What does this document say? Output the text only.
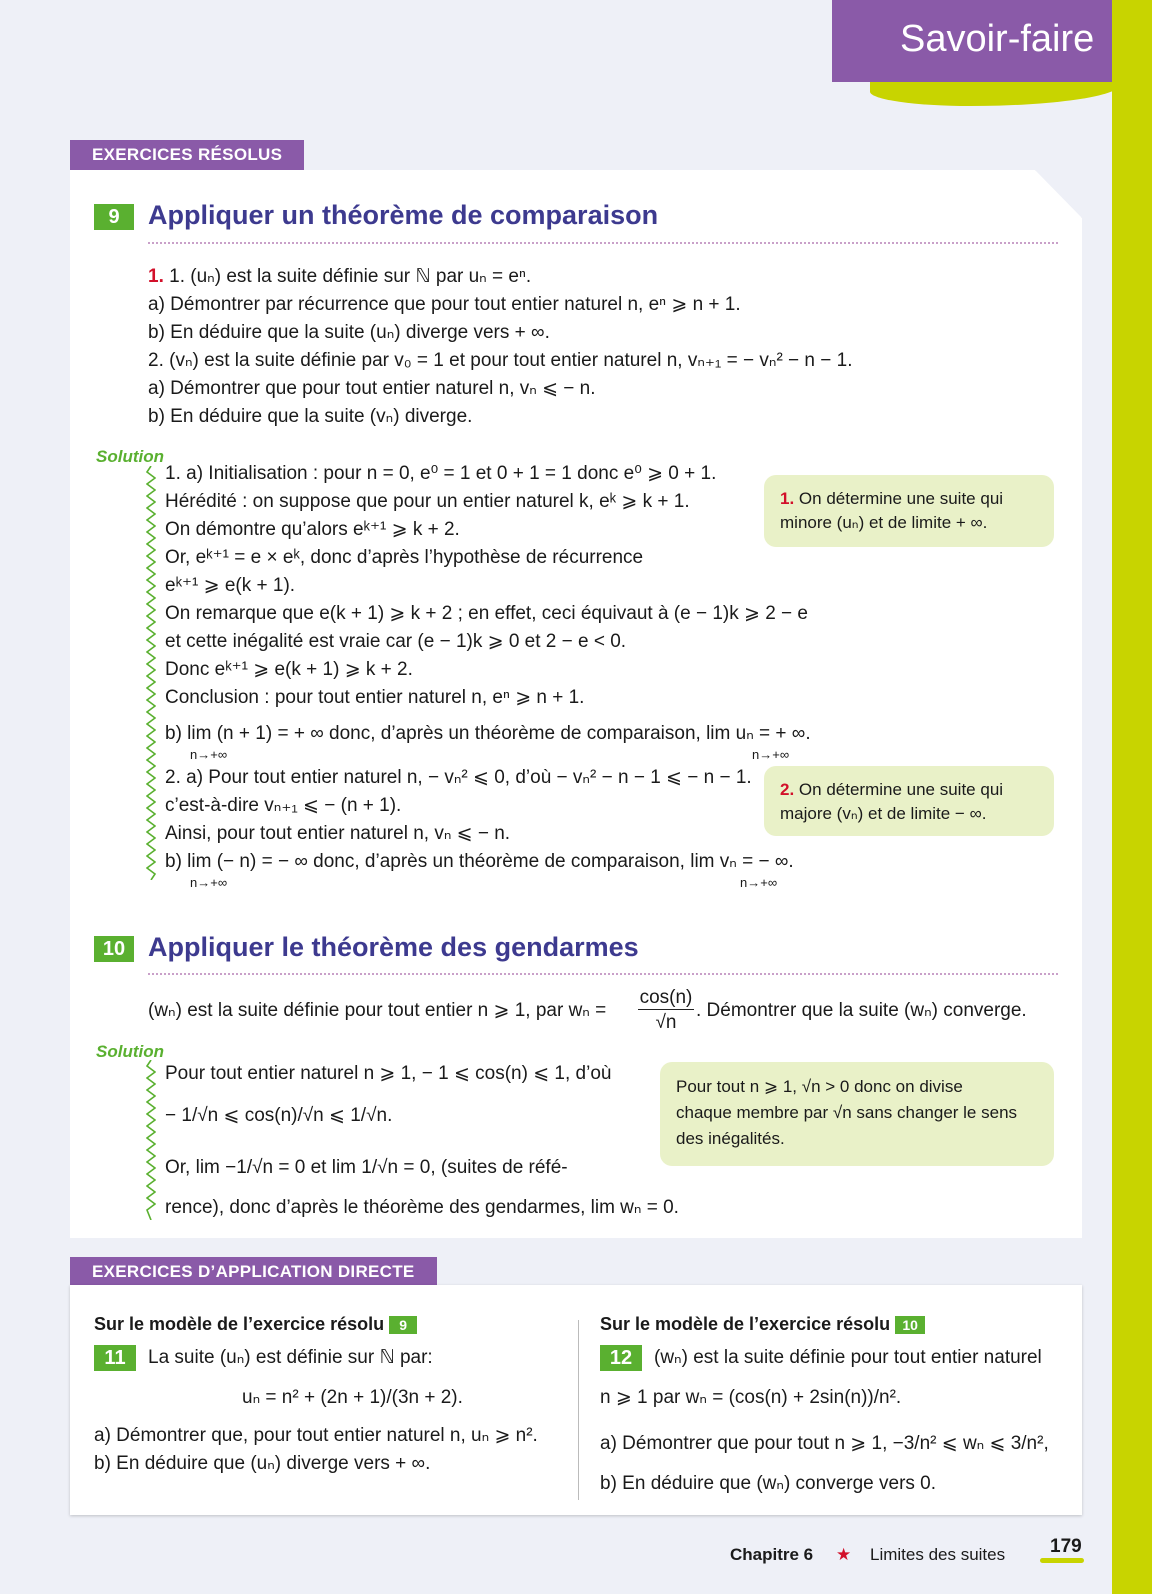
Savoir-faire
EXERCICES RÉSOLUS
9	Appliquer un théorème de comparaison
1. 1. (uₙ) est la suite définie sur ℕ par uₙ = eⁿ.
a) Démontrer par récurrence que pour tout entier naturel n, eⁿ ⩾ n + 1.
b) En déduire que la suite (uₙ) diverge vers + ∞.
2. (vₙ) est la suite définie par v₀ = 1 et pour tout entier naturel n, vₙ₊₁ = − vₙ² − n − 1.
a) Démontrer que pour tout entier naturel n, vₙ ⩽ − n.
b) En déduire que la suite (vₙ) diverge.
Solution
1. a) Initialisation : pour n = 0, e⁰ = 1 et 0 + 1 = 1 donc e⁰ ⩾ 0 + 1.
Hérédité : on suppose que pour un entier naturel k, eᵏ ⩾ k + 1.
On démontre qu’alors eᵏ⁺¹ ⩾ k + 2.
Or, eᵏ⁺¹ = e × eᵏ, donc d’après l’hypothèse de récurrence
eᵏ⁺¹ ⩾ e(k + 1).
On remarque que e(k + 1) ⩾ k + 2 ; en effet, ceci équivaut à (e − 1)k ⩾ 2 − e
et cette inégalité est vraie car (e − 1)k ⩾ 0 et 2 − e < 0.
Donc eᵏ⁺¹ ⩾ e(k + 1) ⩾ k + 2.
Conclusion : pour tout entier naturel n, eⁿ ⩾ n + 1.
b) lim (n + 1) = + ∞ donc, d’après un théorème de comparaison, lim uₙ = + ∞.
n→+∞	n→+∞
2. a) Pour tout entier naturel n, − vₙ² ⩽ 0, d’où − vₙ² − n − 1 ⩽ − n − 1.
c’est-à-dire vₙ₊₁ ⩽ − (n + 1).
Ainsi, pour tout entier naturel n, vₙ ⩽ − n.
b) lim (− n) = − ∞ donc, d’après un théorème de comparaison, lim vₙ = − ∞.
n→+∞	n→+∞
1. On détermine une suite qui
minore (uₙ) et de limite + ∞.
2. On détermine une suite qui
majore (vₙ) et de limite − ∞.
10 Appliquer le théorème des gendarmes
(wₙ) est la suite définie pour tout entier n ⩾ 1, par wₙ =
cos(n)
√n
. Démontrer que la suite (wₙ) converge.
Solution
Pour tout entier naturel n ⩾ 1, − 1 ⩽ cos(n) ⩽ 1, d’où
− 1/√n ⩽ cos(n)/√n ⩽ 1/√n.
Or, lim −1/√n = 0 et lim 1/√n = 0, (suites de réfé-
rence), donc d’après le théorème des gendarmes, lim wₙ = 0.
Pour tout n ⩾ 1, √n > 0 donc on divise
chaque membre par √n sans changer le sens
des inégalités.
EXERCICES D’APPLICATION DIRECTE
Sur le modèle de l’exercice résolu 9
11	La suite (uₙ) est définie sur ℕ par:
uₙ = n² + (2n + 1)/(3n + 2).
a) Démontrer que, pour tout entier naturel n, uₙ ⩾ n².
b) En déduire que (uₙ) diverge vers + ∞.
Sur le modèle de l’exercice résolu 10
12	(wₙ) est la suite définie pour tout entier naturel
n ⩾ 1 par wₙ = (cos(n) + 2sin(n))/n².
a) Démontrer que pour tout n ⩾ 1, −3/n² ⩽ wₙ ⩽ 3/n²,
b) En déduire que (wₙ) converge vers 0.
Chapitre 6 ★ Limites des suites 179
